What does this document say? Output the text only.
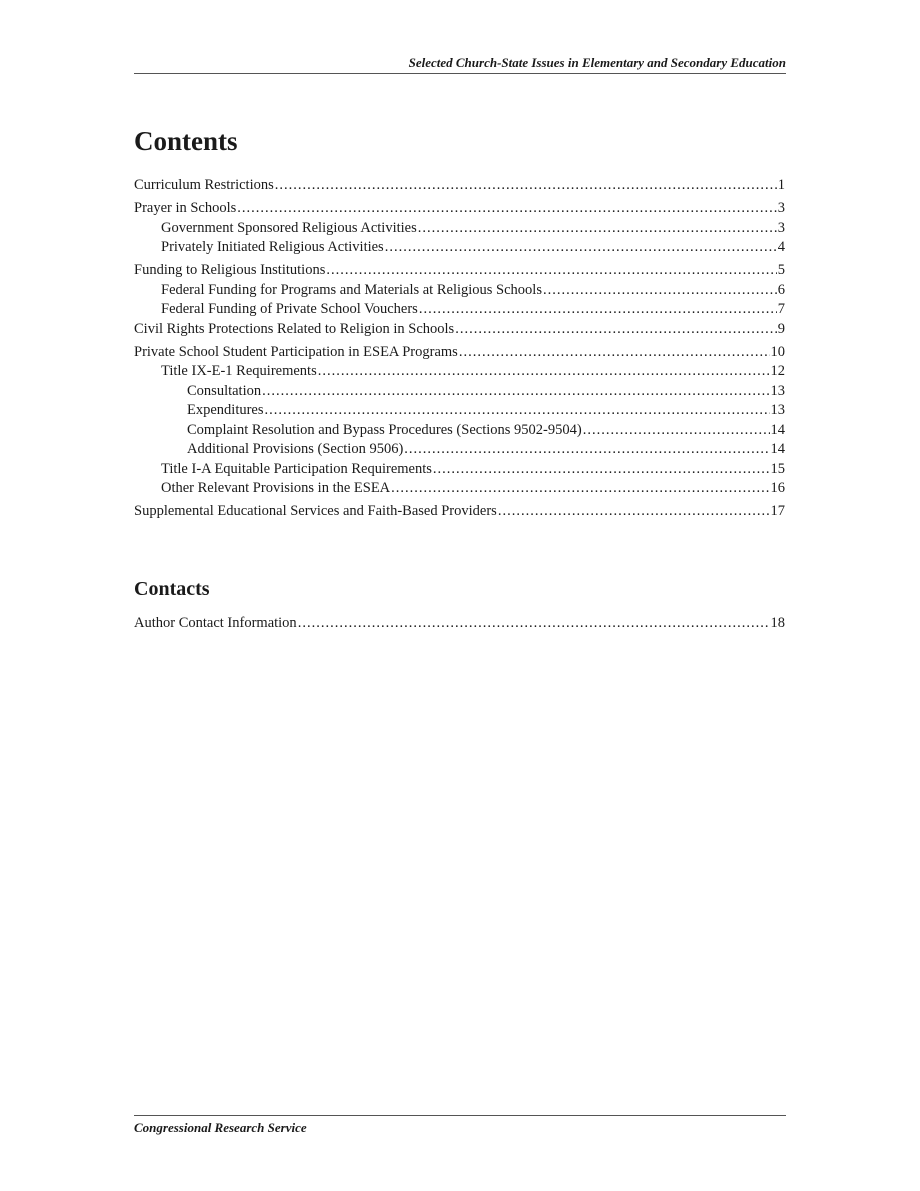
Selected Church-State Issues in Elementary and Secondary Education
Contents
Curriculum Restrictions .....	1
Prayer in Schools .....	3
Government Sponsored Religious Activities .....	3
Privately Initiated Religious Activities .....	4
Funding to Religious Institutions .....	5
Federal Funding for Programs and Materials at Religious Schools .....	6
Federal Funding of Private School Vouchers .....	7
Civil Rights Protections Related to Religion in Schools .....	9
Private School Student Participation in ESEA Programs .....	10
Title IX-E-1 Requirements .....	12
Consultation .....	13
Expenditures .....	13
Complaint Resolution and Bypass Procedures (Sections 9502-9504) .....	14
Additional Provisions (Section 9506) .....	14
Title I-A Equitable Participation Requirements .....	15
Other Relevant Provisions in the ESEA .....	16
Supplemental Educational Services and Faith-Based Providers .....	17
Contacts
Author Contact Information .....	18
Congressional Research Service
